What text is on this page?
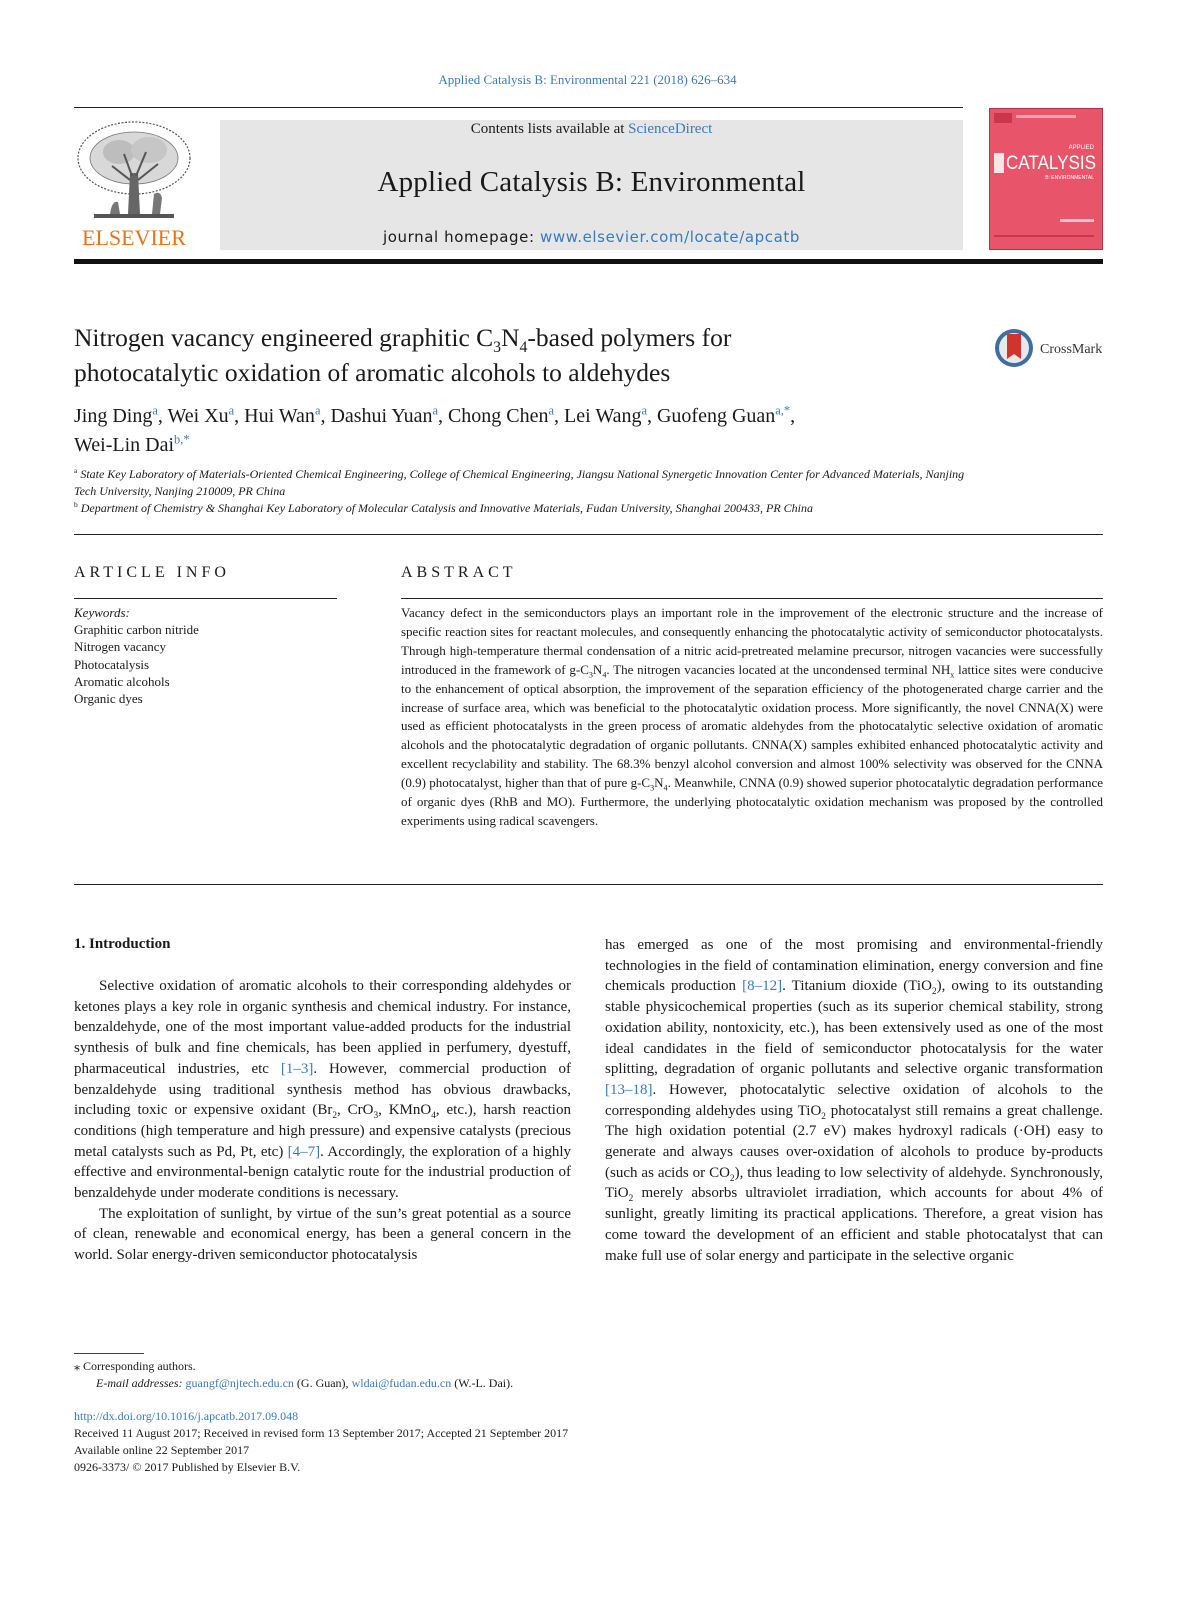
Applied Catalysis B: Environmental 221 (2018) 626–634
ELSEVIER
Contents lists available at ScienceDirect
Applied Catalysis B: Environmental
journal homepage: www.elsevier.com/locate/apcatb
APPLIED
CATALYSIS
B: ENVIRONMENTAL
Nitrogen vacancy engineered graphitic $C_3N_4$-based polymers for
photocatalytic oxidation of aromatic alcohols to aldehydes
CrossMark
Jing Ding$^a$, Wei Xu$^a$, Hui Wan$^a$, Dashui Yuan$^a$, Chong Chen$^a$, Lei Wang$^a$, Guofeng Guan$^{a,*}$,
Wei-Lin Dai$^{b,*}$
$^a$ State Key Laboratory of Materials-Oriented Chemical Engineering, College of Chemical Engineering, Jiangsu National Synergetic Innovation Center for Advanced Materials, Nanjing Tech University, Nanjing 210009, PR China
$^b$ Department of Chemistry & Shanghai Key Laboratory of Molecular Catalysis and Innovative Materials, Fudan University, Shanghai 200433, PR China
ARTICLE INFO	ABSTRACT
Keywords:
Graphitic carbon nitride
Nitrogen vacancy
Photocatalysis
Aromatic alcohols
Organic dyes
Vacancy defect in the semiconductors plays an important role in the improvement of the electronic structure and the increase of specific reaction sites for reactant molecules, and consequently enhancing the photocatalytic activity of semiconductor photocatalysts. Through high-temperature thermal condensation of a nitric acid-pretreated melamine precursor, nitrogen vacancies were successfully introduced in the framework of $g-C_3N_4$. The nitrogen vacancies located at the uncondensed terminal $NH_x$ lattice sites were conducive to the enhancement of optical absorption, the improvement of the separation efficiency of the photogenerated charge carrier and the increase of surface area, which was beneficial to the photocatalytic oxidation process. More significantly, the novel CNNA(X) were used as efficient photocatalysts in the green process of aromatic aldehydes from the photocatalytic selective oxidation of aromatic alcohols and the photocatalytic degradation of organic pollutants. CNNA(X) samples exhibited enhanced photocatalytic activity and excellent recyclability and stability. The 68.3% benzyl alcohol conversion and almost 100% selectivity was observed for the CNNA (0.9) photocatalyst, higher than that of pure $g-C_3N_4$. Meanwhile, CNNA (0.9) showed superior photocatalytic degradation performance of organic dyes (RhB and MO). Furthermore, the underlying photocatalytic oxidation mechanism was proposed by the controlled experiments using radical scavengers.
1. Introduction

Selective oxidation of aromatic alcohols to their corresponding aldehydes or ketones plays a key role in organic synthesis and chemical industry. For instance, benzaldehyde, one of the most important value-added products for the industrial synthesis of bulk and fine chemicals, has been applied in perfumery, dyestuff, pharmaceutical industries, etc [1–3]. However, commercial production of benzaldehyde using traditional synthesis method has obvious drawbacks, including toxic or expensive oxidant ($Br_2$, CrO$_3$, KMnO$_4$, etc.), harsh reaction conditions (high temperature and high pressure) and expensive catalysts (precious metal catalysts such as Pd, Pt, etc) [4–7]. Accordingly, the exploration of a highly effective and environmental-benign catalytic route for the industrial production of benzaldehyde under moderate conditions is necessary.

The exploitation of sunlight, by virtue of the sun’s great potential as a source of clean, renewable and economical energy, has been a general concern in the world. Solar energy-driven semiconductor photocatalysis

has emerged as one of the most promising and environmental-friendly technologies in the field of contamination elimination, energy conversion and fine chemicals production [8–12]. Titanium dioxide (TiO$_2$), owing to its outstanding stable physicochemical properties (such as its superior chemical stability, strong oxidation ability, nontoxicity, etc.), has been extensively used as one of the most ideal candidates in the field of semiconductor photocatalysis for the water splitting, degradation of organic pollutants and selective organic transformation [13–18]. However, photocatalytic selective oxidation of alcohols to the corresponding aldehydes using TiO$_2$ photocatalyst still remains a great challenge. The high oxidation potential (2.7 eV) makes hydroxyl radicals (·OH) easy to generate and always causes over-oxidation of alcohols to produce by-products (such as acids or $CO_2$), thus leading to low selectivity of aldehyde. Synchronously, TiO$_2$ merely absorbs ultraviolet irradiation, which accounts for about 4% of sunlight, greatly limiting its practical applications. Therefore, a great vision has come toward the development of an efficient and stable photocatalyst that can make full use of solar energy and participate in the selective organic

⁎ Corresponding authors.
E-mail addresses: guangf@njtech.edu.cn (G. Guan), wldai@fudan.edu.cn (W.-L. Dai).
http://dx.doi.org/10.1016/j.apcatb.2017.09.048
Received 11 August 2017; Received in revised form 13 September 2017; Accepted 21 September 2017
Available online 22 September 2017
0926-3373/ © 2017 Published by Elsevier B.V.
